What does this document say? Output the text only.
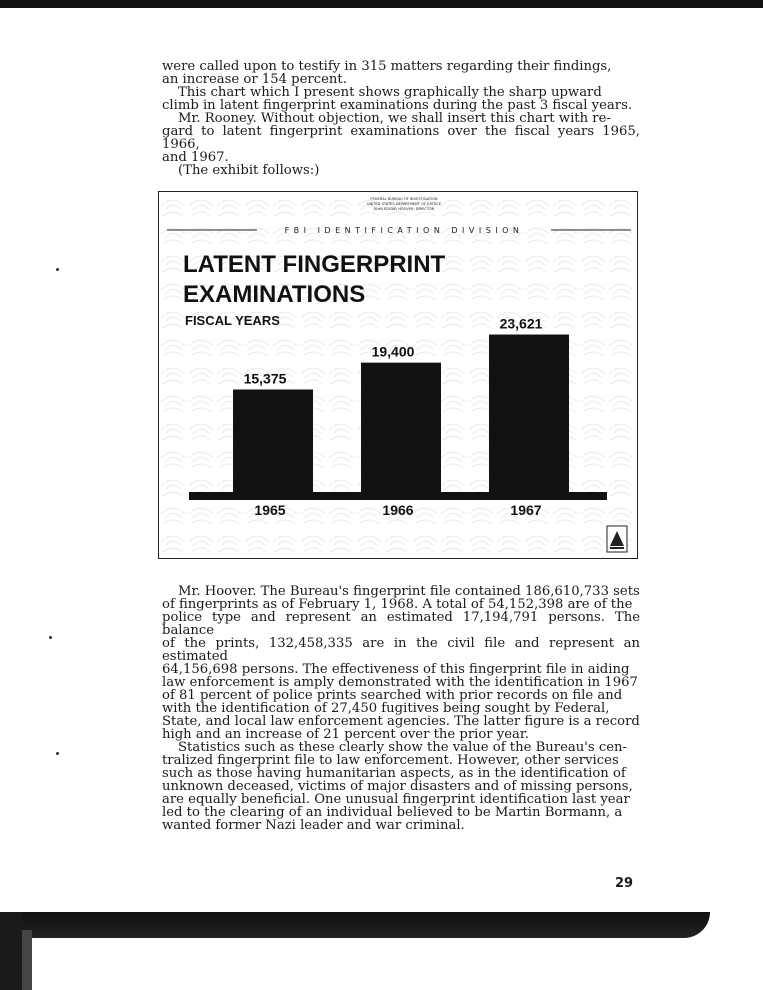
were called upon to testify in 315 matters regarding their findings,

an increase or 154 percent.

This chart which I present shows graphically the sharp upward

climb in latent fingerprint examinations during the past 3 fiscal years.

Mr. Rooney. Without objection, we shall insert this chart with re-

gard to latent fingerprint examinations over the fiscal years 1965, 1966,

and 1967.

(The exhibit follows:)

FBI IDENTIFICATION DIVISION
FEDERAL BUREAU OF INVESTIGATION
UNITED STATES DEPARTMENT OF JUSTICE
JOHN EDGAR HOOVER, DIRECTOR
LATENT FINGERPRINT
EXAMINATIONS
FISCAL YEARS
15,375
1965
19,400
1966
23,621
1967

Mr. Hoover. The Bureau's fingerprint file contained 186,610,733 sets

of fingerprints as of February 1, 1968. A total of 54,152,398 are of the

police type and represent an estimated 17,194,791 persons. The balance

of the prints, 132,458,335 are in the civil file and represent an estimated

64,156,698 persons. The effectiveness of this fingerprint file in aiding

law enforcement is amply demonstrated with the identification in 1967

of 81 percent of police prints searched with prior records on file and

with the identification of 27,450 fugitives being sought by Federal,

State, and local law enforcement agencies. The latter figure is a record

high and an increase of 21 percent over the prior year.

Statistics such as these clearly show the value of the Bureau's cen-

tralized fingerprint file to law enforcement. However, other services

such as those having humanitarian aspects, as in the identification of

unknown deceased, victims of major disasters and of missing persons,

are equally beneficial. One unusual fingerprint identification last year

led to the clearing of an individual believed to be Martin Bormann, a

wanted former Nazi leader and war criminal.

29
